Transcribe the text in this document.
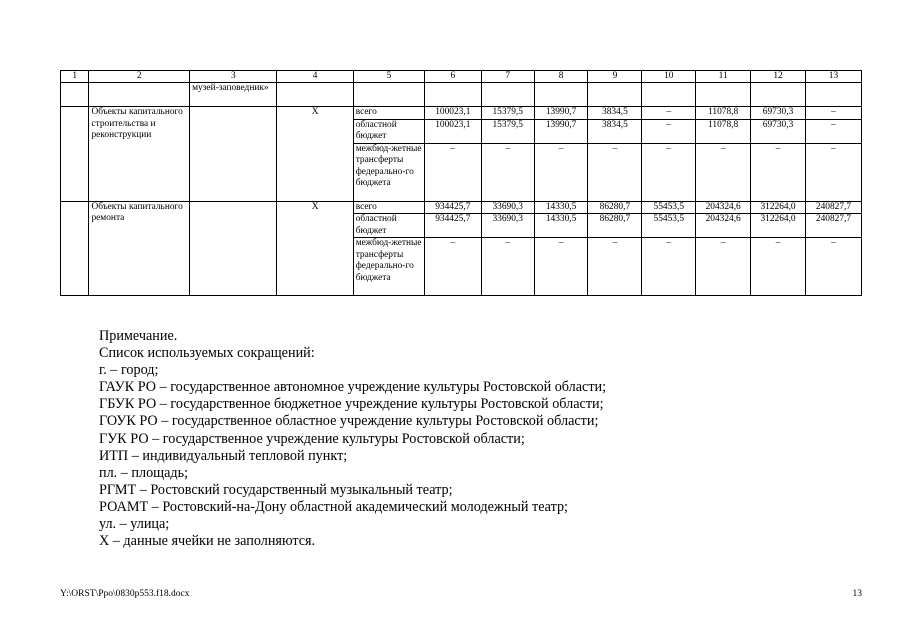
1	2	3	4	5	6	7	8	9	10	11	12	13
		музей-заповедник»										
	Объекты капитального строительства и реконструкции		X	всего	100023,1	15379,5	13990,7	3834,5	–	11078,8	69730,3	–
				областной бюджет	100023,1	15379,5	13990,7	3834,5	–	11078,8	69730,3	–
				межбюд-жетные трансферты федерально-го бюджета	–	–	–	–	–	–	–	–
	Объекты капитального ремонта		X	всего	934425,7	33690,3	14330,5	86280,7	55453,5	204324,6	312264,0	240827,7
				областной бюджет	934425,7	33690,3	14330,5	86280,7	55453,5	204324,6	312264,0	240827,7
				межбюд-жетные трансферты федерально-го бюджета	–	–	–	–	–	–	–	–
Примечание.
Список используемых сокращений:
г. – город;
ГАУК РО – государственное автономное учреждение культуры Ростовской области;
ГБУК РО – государственное бюджетное учреждение культуры Ростовской области;
ГОУК РО – государственное областное учреждение культуры Ростовской области;
ГУК РО – государственное учреждение культуры Ростовской области;
ИТП – индивидуальный тепловой пункт;
пл. – площадь;
РГМТ – Ростовский государственный музыкальный театр;
РОАМТ – Ростовский-на-Дону областной академический молодежный театр;
ул. – улица;
X – данные ячейки не заполняются.
Y:\ORST\Ppo\0830p553.f18.docx	13
